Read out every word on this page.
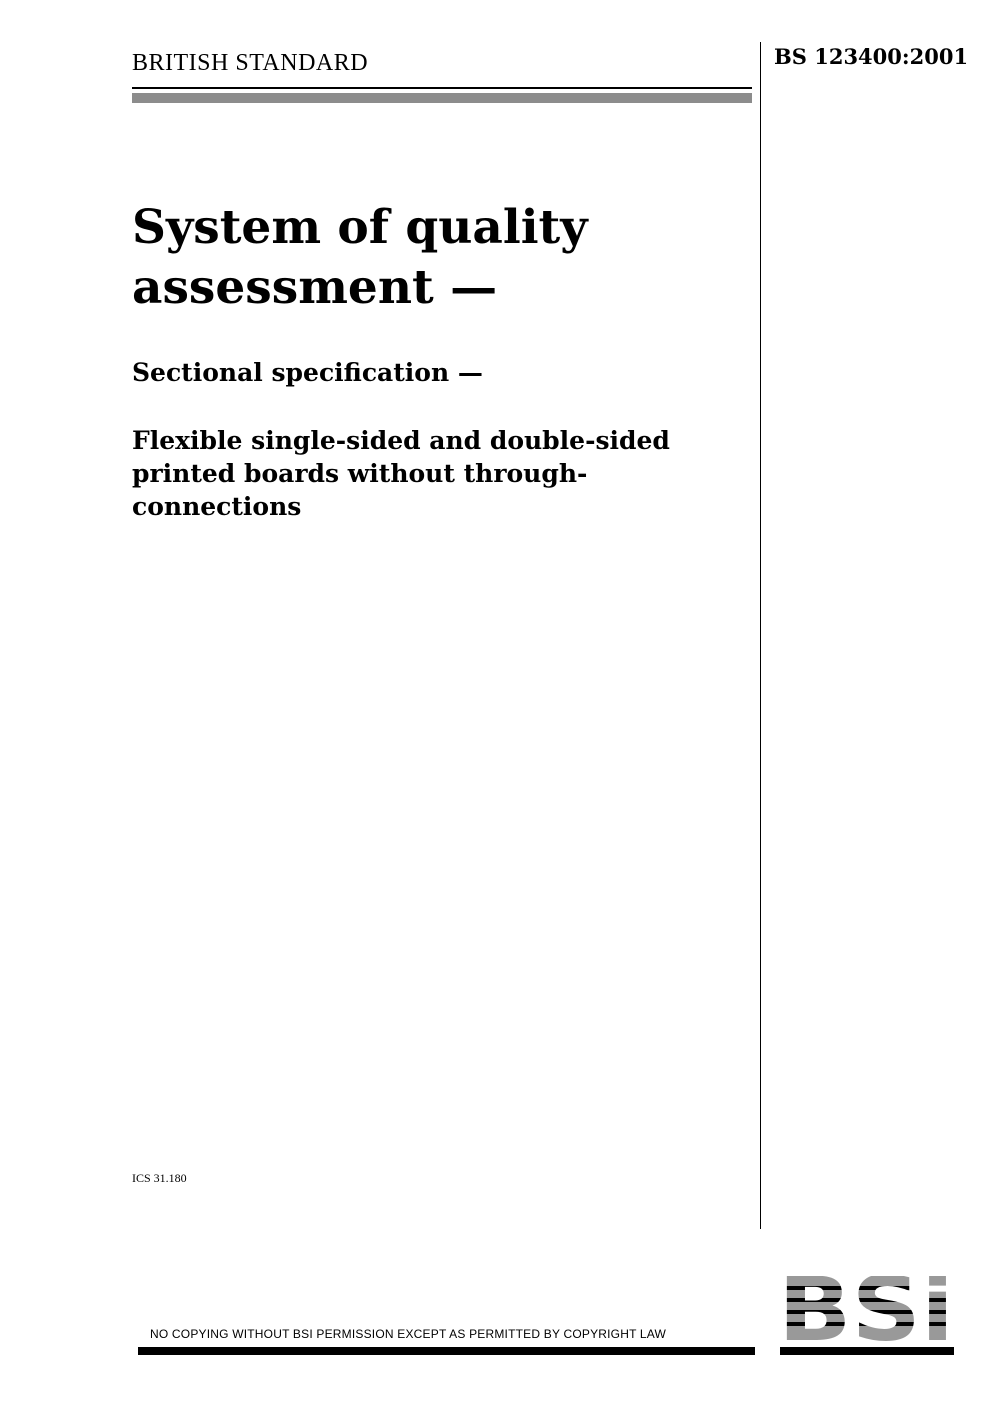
BRITISH STANDARD	BS 123400:2001
System of quality assessment —
Sectional specification —
Flexible single-sided and double-sided printed boards without through-connections
ICS 31.180
NO COPYING WITHOUT BSI PERMISSION EXCEPT AS PERMITTED BY COPYRIGHT LAW
